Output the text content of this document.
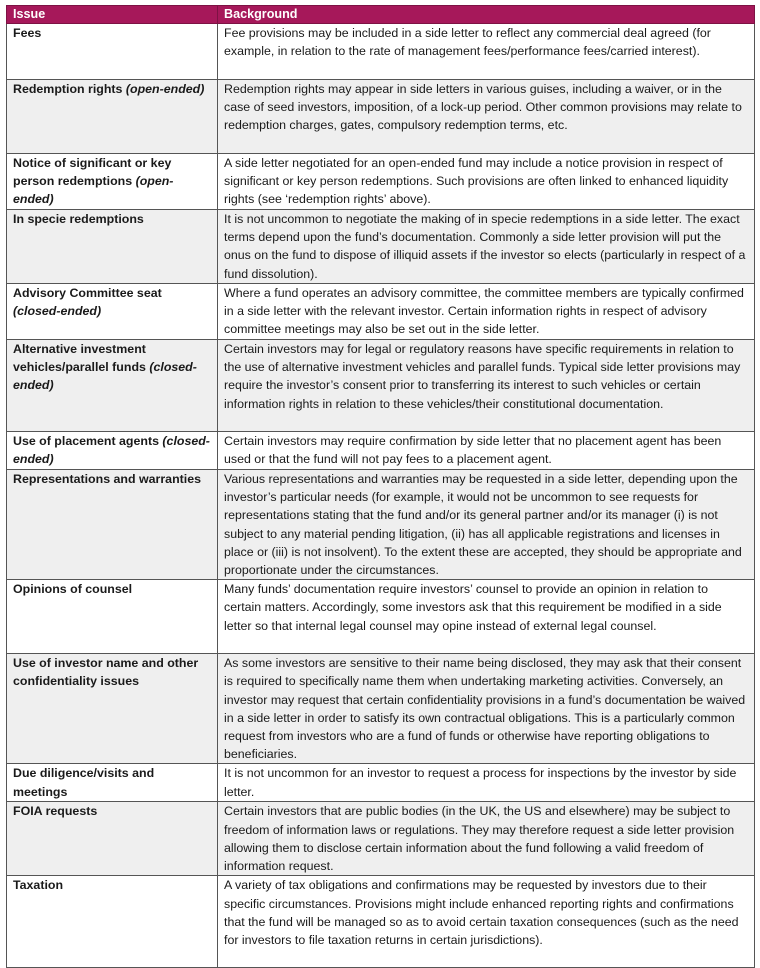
Issue	Background
Fees	Fee provisions may be included in a side letter to reflect any commercial deal agreed (for example, in relation to the rate of management fees/performance fees/carried interest).
Redemption rights (open-ended)	Redemption rights may appear in side letters in various guises, including a waiver, or in the case of seed investors, imposition, of a lock-up period. Other common provisions may relate to redemption charges, gates, compulsory redemption terms, etc.
Notice of significant or key person redemptions (open-ended)	A side letter negotiated for an open-ended fund may include a notice provision in respect of significant or key person redemptions. Such provisions are often linked to enhanced liquidity rights (see ‘redemption rights’ above).
In specie redemptions	It is not uncommon to negotiate the making of in specie redemptions in a side letter. The exact terms depend upon the fund’s documentation. Commonly a side letter provision will put the onus on the fund to dispose of illiquid assets if the investor so elects (particularly in respect of a fund dissolution).
Advisory Committee seat (closed-ended)	Where a fund operates an advisory committee, the committee members are typically confirmed in a side letter with the relevant investor. Certain information rights in respect of advisory committee meetings may also be set out in the side letter.
Alternative investment vehicles/parallel funds (closed-ended)	Certain investors may for legal or regulatory reasons have specific requirements in relation to the use of alternative investment vehicles and parallel funds. Typical side letter provisions may require the investor’s consent prior to transferring its interest to such vehicles or certain information rights in relation to these vehicles/their constitutional documentation.
Use of placement agents (closed-ended)	Certain investors may require confirmation by side letter that no placement agent has been used or that the fund will not pay fees to a placement agent.
Representations and warranties	Various representations and warranties may be requested in a side letter, depending upon the investor’s particular needs (for example, it would not be uncommon to see requests for representations stating that the fund and/or its general partner and/or its manager (i) is not subject to any material pending litigation, (ii) has all applicable registrations and licenses in place or (iii) is not insolvent). To the extent these are accepted, they should be appropriate and proportionate under the circumstances.
Opinions of counsel	Many funds’ documentation require investors’ counsel to provide an opinion in relation to certain matters. Accordingly, some investors ask that this requirement be modified in a side letter so that internal legal counsel may opine instead of external legal counsel.
Use of investor name and other confidentiality issues	As some investors are sensitive to their name being disclosed, they may ask that their consent is required to specifically name them when undertaking marketing activities. Conversely, an investor may request that certain confidentiality provisions in a fund’s documentation be waived in a side letter in order to satisfy its own contractual obligations. This is a particularly common request from investors who are a fund of funds or otherwise have reporting obligations to beneficiaries.
Due diligence/visits and meetings	It is not uncommon for an investor to request a process for inspections by the investor by side letter.
FOIA requests	Certain investors that are public bodies (in the UK, the US and elsewhere) may be subject to freedom of information laws or regulations. They may therefore request a side letter provision allowing them to disclose certain information about the fund following a valid freedom of information request.
Taxation	A variety of tax obligations and confirmations may be requested by investors due to their specific circumstances. Provisions might include enhanced reporting rights and confirmations that the fund will be managed so as to avoid certain taxation consequences (such as the need for investors to file taxation returns in certain jurisdictions).
